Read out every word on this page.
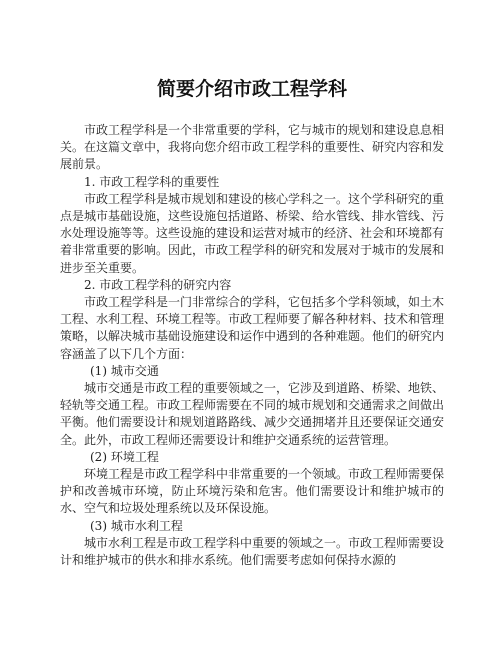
简要介绍市政工程学科

市政工程学科是一个非常重要的学科，它与城市的规划和建设息息相关。在这篇文章中，我将向您介绍市政工程学科的重要性、研究内容和发展前景。

1. 市政工程学科的重要性

市政工程学科是城市规划和建设的核心学科之一。这个学科研究的重点是城市基础设施，这些设施包括道路、桥梁、给水管线、排水管线、污水处理设施等等。这些设施的建设和运营对城市的经济、社会和环境都有着非常重要的影响。因此，市政工程学科的研究和发展对于城市的发展和进步至关重要。

2. 市政工程学科的研究内容

市政工程学科是一门非常综合的学科，它包括多个学科领域，如土木工程、水利工程、环境工程等。市政工程师要了解各种材料、技术和管理策略，以解决城市基础设施建设和运作中遇到的各种难题。他们的研究内容涵盖了以下几个方面：

(1) 城市交通

城市交通是市政工程的重要领域之一，它涉及到道路、桥梁、地铁、轻轨等交通工程。市政工程师需要在不同的城市规划和交通需求之间做出平衡。他们需要设计和规划道路路线、减少交通拥堵并且还要保证交通安全。此外，市政工程师还需要设计和维护交通系统的运营管理。

(2) 环境工程

环境工程是市政工程学科中非常重要的一个领域。市政工程师需要保护和改善城市环境，防止环境污染和危害。他们需要设计和维护城市的水、空气和垃圾处理系统以及环保设施。

(3) 城市水利工程

城市水利工程是市政工程学科中重要的领域之一。市政工程师需要设计和维护城市的供水和排水系统。他们需要考虑如何保持水源的
